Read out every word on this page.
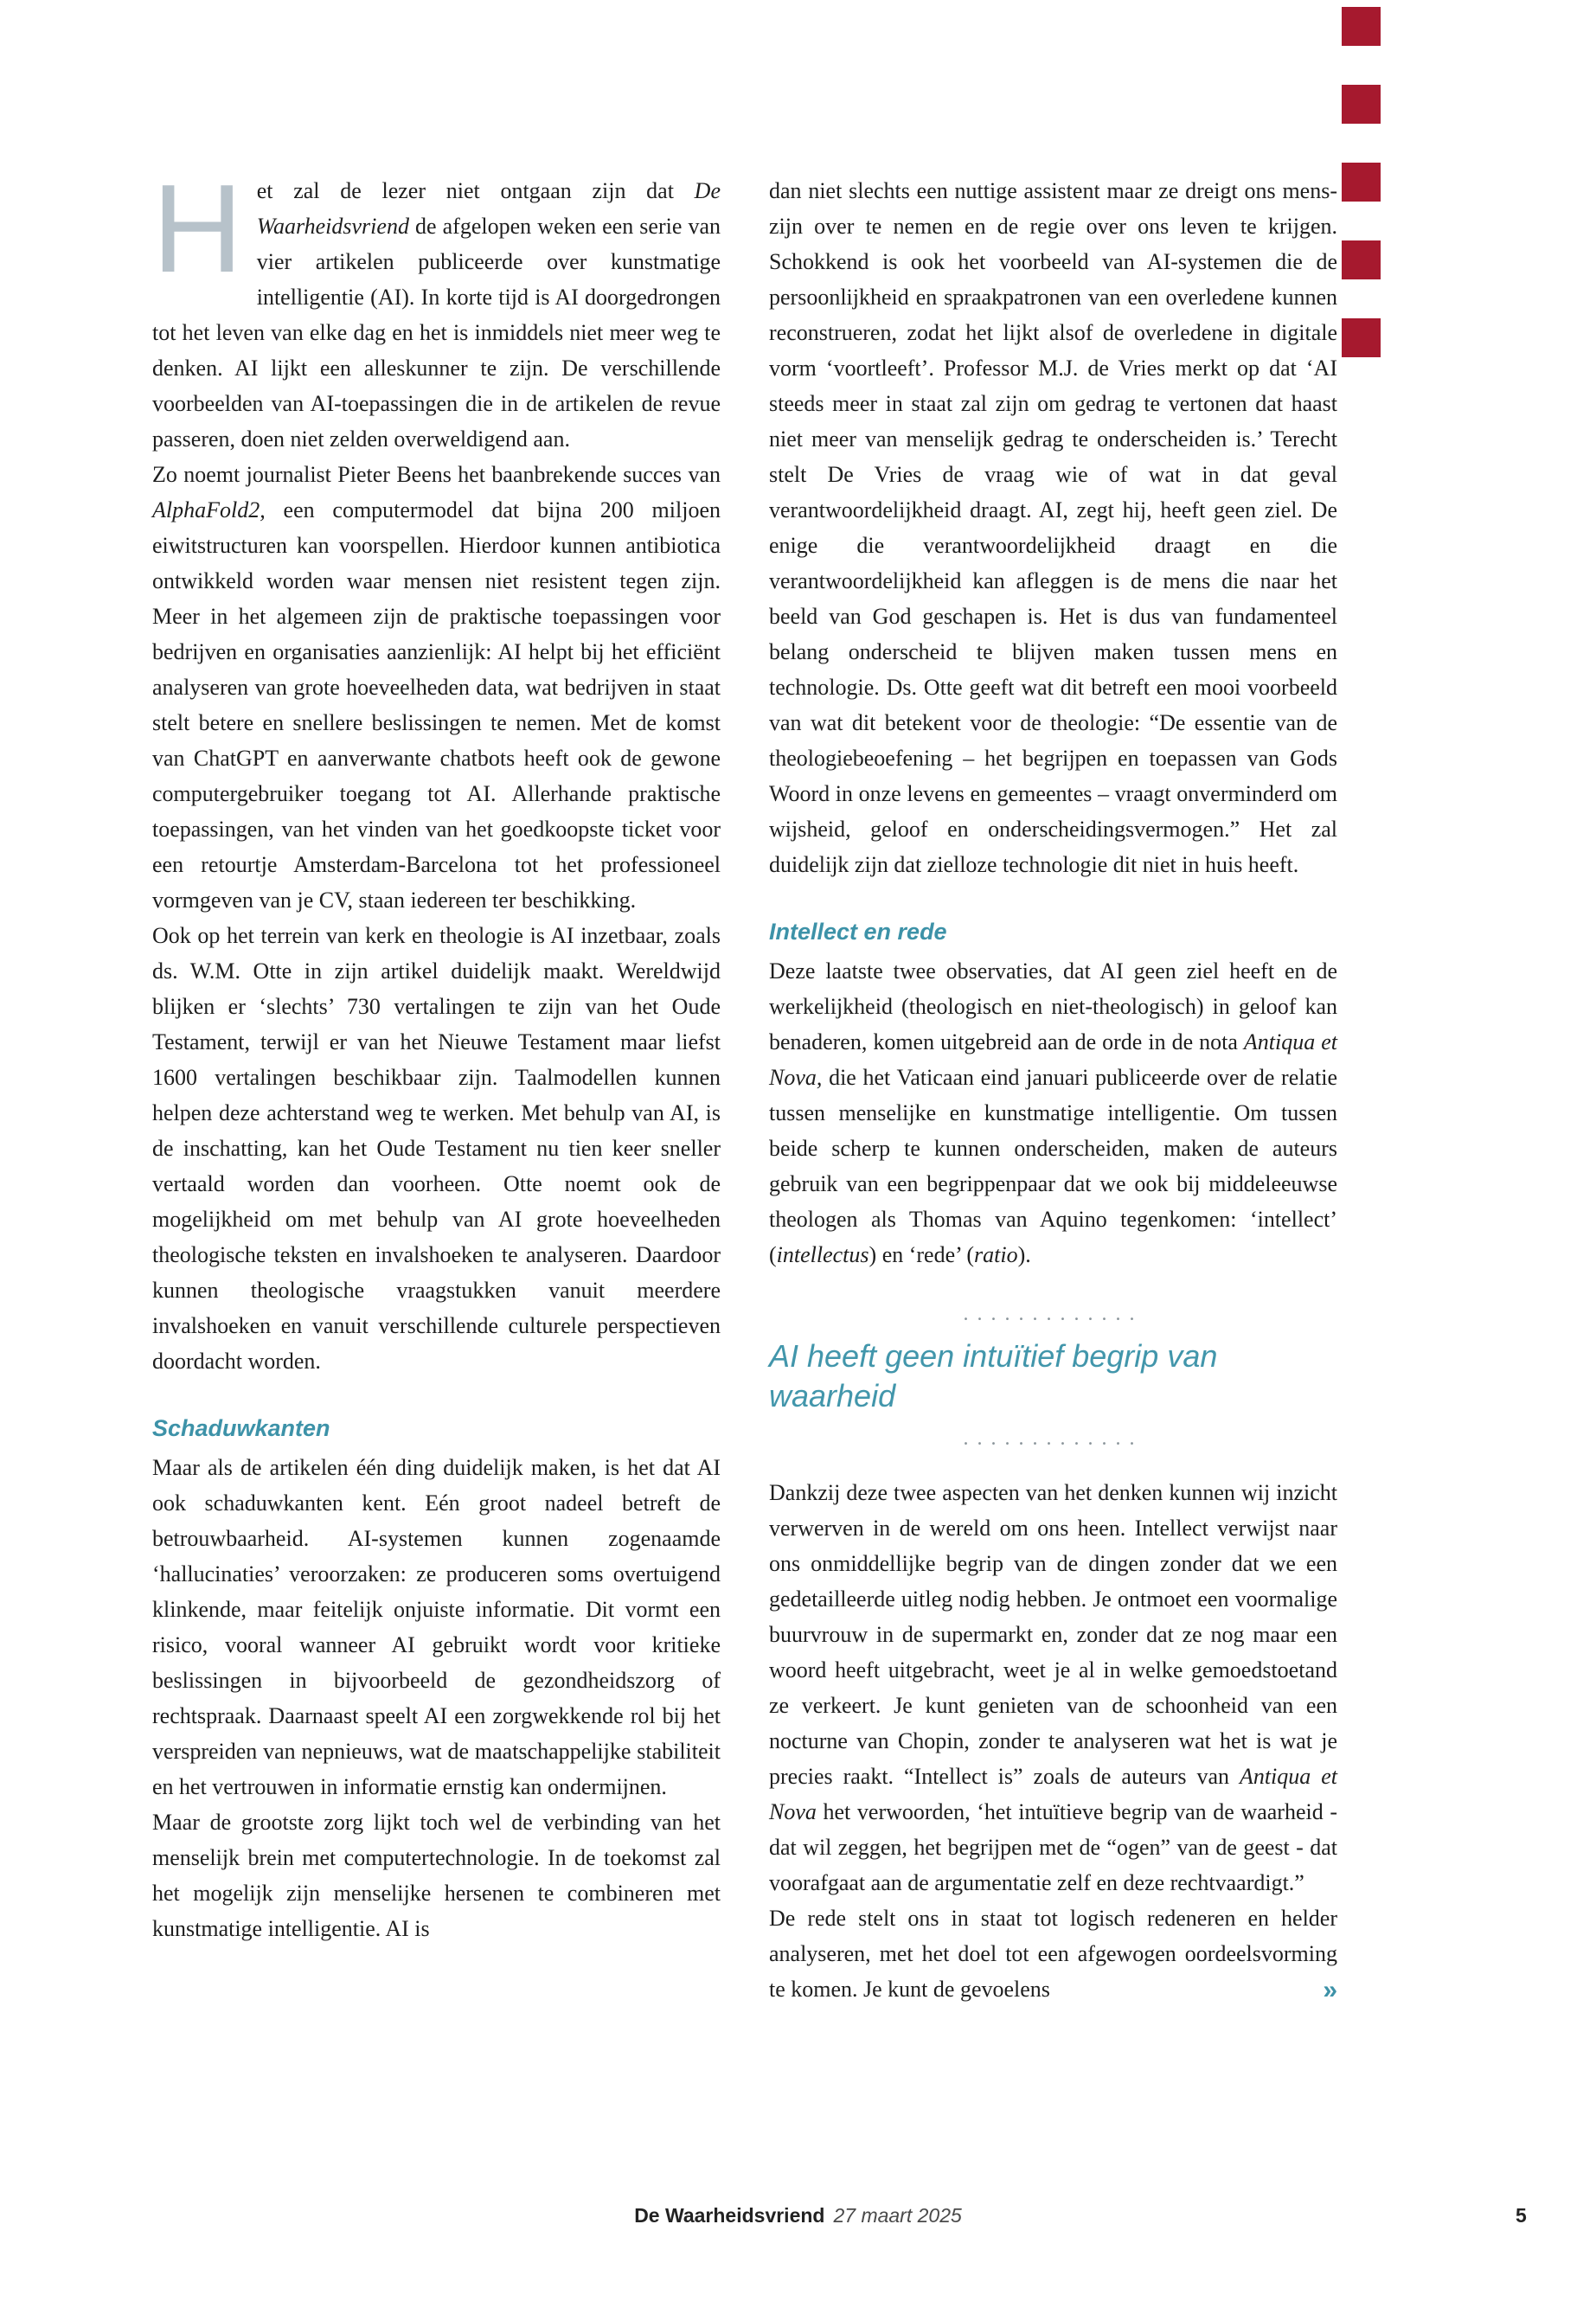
Het zal de lezer niet ontgaan zijn dat De Waarheidsvriend de afgelopen weken een serie van vier artikelen publiceerde over kunstmatige intelligentie (AI). In korte tijd is AI doorgedrongen tot het leven van elke dag en het is inmiddels niet meer weg te denken. AI lijkt een alleskunner te zijn. De verschillende voorbeelden van AI-toepassingen die in de artikelen de revue passeren, doen niet zelden overweldigend aan.

Zo noemt journalist Pieter Beens het baanbrekende succes van AlphaFold2, een computermodel dat bijna 200 miljoen eiwitstructuren kan voorspellen. Hierdoor kunnen antibiotica ontwikkeld worden waar mensen niet resistent tegen zijn. Meer in het algemeen zijn de praktische toepassingen voor bedrijven en organisaties aanzienlijk: AI helpt bij het efficiënt analyseren van grote hoeveelheden data, wat bedrijven in staat stelt betere en snellere beslissingen te nemen. Met de komst van ChatGPT en aanverwante chatbots heeft ook de gewone computergebruiker toegang tot AI. Allerhande praktische toepassingen, van het vinden van het goedkoopste ticket voor een retourtje Amsterdam-Barcelona tot het professioneel vormgeven van je CV, staan iedereen ter beschikking.

Ook op het terrein van kerk en theologie is AI inzetbaar, zoals ds. W.M. Otte in zijn artikel duidelijk maakt. Wereldwijd blijken er ‘slechts’ 730 vertalingen te zijn van het Oude Testament, terwijl er van het Nieuwe Testament maar liefst 1600 vertalingen beschikbaar zijn. Taalmodellen kunnen helpen deze achterstand weg te werken. Met behulp van AI, is de inschatting, kan het Oude Testament nu tien keer sneller vertaald worden dan voorheen. Otte noemt ook de mogelijkheid om met behulp van AI grote hoeveelheden theologische teksten en invalshoeken te analyseren. Daardoor kunnen theologische vraagstukken vanuit meerdere invalshoeken en vanuit verschillende culturele perspectieven doordacht worden.

Schaduwkanten

Maar als de artikelen één ding duidelijk maken, is het dat AI ook schaduwkanten kent. Eén groot nadeel betreft de betrouwbaarheid. AI-systemen kunnen zogenaamde ‘hallucinaties’ veroorzaken: ze produceren soms overtuigend klinkende, maar feitelijk onjuiste informatie. Dit vormt een risico, vooral wanneer AI gebruikt wordt voor kritieke beslissingen in bijvoorbeeld de gezondheidszorg of rechtspraak. Daarnaast speelt AI een zorgwekkende rol bij het verspreiden van nepnieuws, wat de maatschappelijke stabiliteit en het vertrouwen in informatie ernstig kan ondermijnen.

Maar de grootste zorg lijkt toch wel de verbinding van het menselijk brein met computertechnologie. In de toekomst zal het mogelijk zijn menselijke hersenen te combineren met kunstmatige intelligentie. AI is

dan niet slechts een nuttige assistent maar ze dreigt ons mens-zijn over te nemen en de regie over ons leven te krijgen. Schokkend is ook het voorbeeld van AI-systemen die de persoonlijkheid en spraakpatronen van een overledene kunnen reconstrueren, zodat het lijkt alsof de overledene in digitale vorm ‘voortleeft’. Professor M.J. de Vries merkt op dat ‘AI steeds meer in staat zal zijn om gedrag te vertonen dat haast niet meer van menselijk gedrag te onderscheiden is.’ Terecht stelt De Vries de vraag wie of wat in dat geval verantwoordelijkheid draagt. AI, zegt hij, heeft geen ziel. De enige die verantwoordelijkheid draagt en die verantwoordelijkheid kan afleggen is de mens die naar het beeld van God geschapen is. Het is dus van fundamenteel belang onderscheid te blijven maken tussen mens en technologie. Ds. Otte geeft wat dit betreft een mooi voorbeeld van wat dit betekent voor de theologie: “De essentie van de theologiebeoefening – het begrijpen en toepassen van Gods Woord in onze levens en gemeentes – vraagt onverminderd om wijsheid, geloof en onderscheidingsvermogen.” Het zal duidelijk zijn dat zielloze technologie dit niet in huis heeft.

Intellect en rede

Deze laatste twee observaties, dat AI geen ziel heeft en de werkelijkheid (theologisch en niet-theologisch) in geloof kan benaderen, komen uitgebreid aan de orde in de nota Antiqua et Nova, die het Vaticaan eind januari publiceerde over de relatie tussen menselijke en kunstmatige intelligentie. Om tussen beide scherp te kunnen onderscheiden, maken de auteurs gebruik van een begrippenpaar dat we ook bij middeleeuwse theologen als Thomas van Aquino tegenkomen: ‘intellect’ (intellectus) en ‘rede’ (ratio).

.............
AI heeft geen intuïtief begrip van waarheid
.............

Dankzij deze twee aspecten van het denken kunnen wij inzicht verwerven in de wereld om ons heen. Intellect verwijst naar ons onmiddellijke begrip van de dingen zonder dat we een gedetailleerde uitleg nodig hebben. Je ontmoet een voormalige buurvrouw in de supermarkt en, zonder dat ze nog maar een woord heeft uitgebracht, weet je al in welke gemoedstoetand ze verkeert. Je kunt genieten van de schoonheid van een nocturne van Chopin, zonder te analyseren wat het is wat je precies raakt. “Intellect is” zoals de auteurs van Antiqua et Nova het verwoorden, ‘het intuïtieve begrip van de waarheid - dat wil zeggen, het begrijpen met de “ogen” van de geest - dat voorafgaat aan de argumentatie zelf en deze rechtvaardigt.”

De rede stelt ons in staat tot logisch redeneren en helder analyseren, met het doel tot een afgewogen oordeelsvorming te komen. Je kunt de gevoelens	»

De Waarheidsvriend 27 maart 2025	5
